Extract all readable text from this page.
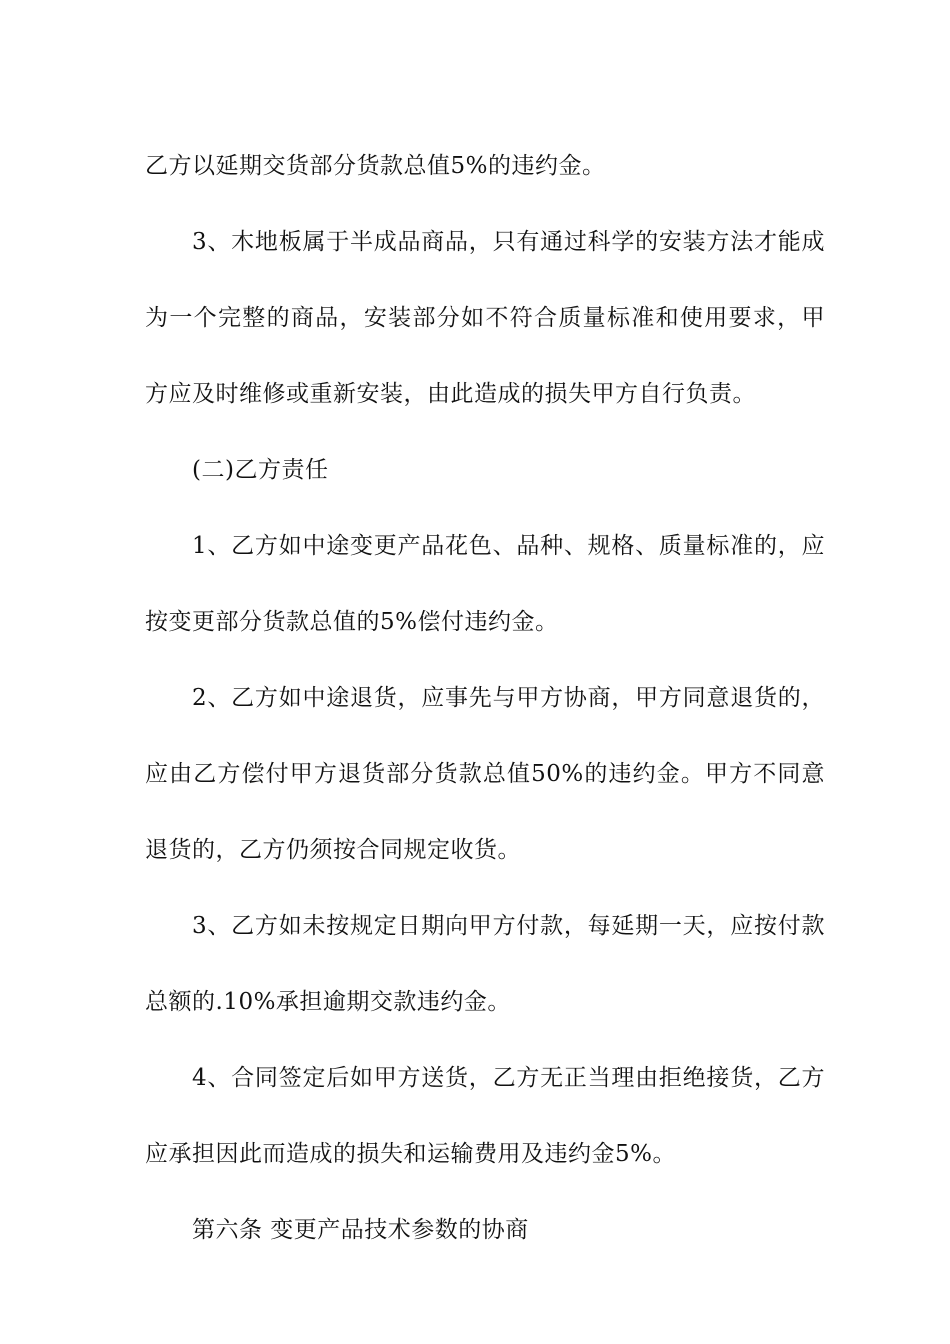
乙方以延期交货部分货款总值5%的违约金。

3、木地板属于半成品商品，只有通过科学的安装方法才能成为一个完整的商品，安装部分如不符合质量标准和使用要求，甲方应及时维修或重新安装，由此造成的损失甲方自行负责。

(二)乙方责任

1、乙方如中途变更产品花色、品种、规格、质量标准的，应按变更部分货款总值的5%偿付违约金。

2、乙方如中途退货，应事先与甲方协商，甲方同意退货的，应由乙方偿付甲方退货部分货款总值50%的违约金。甲方不同意退货的，乙方仍须按合同规定收货。

3、乙方如未按规定日期向甲方付款，每延期一天，应按付款总额的.10%承担逾期交款违约金。

4、合同签定后如甲方送货，乙方无正当理由拒绝接货，乙方应承担因此而造成的损失和运输费用及违约金5%。

第六条 变更产品技术参数的协商
